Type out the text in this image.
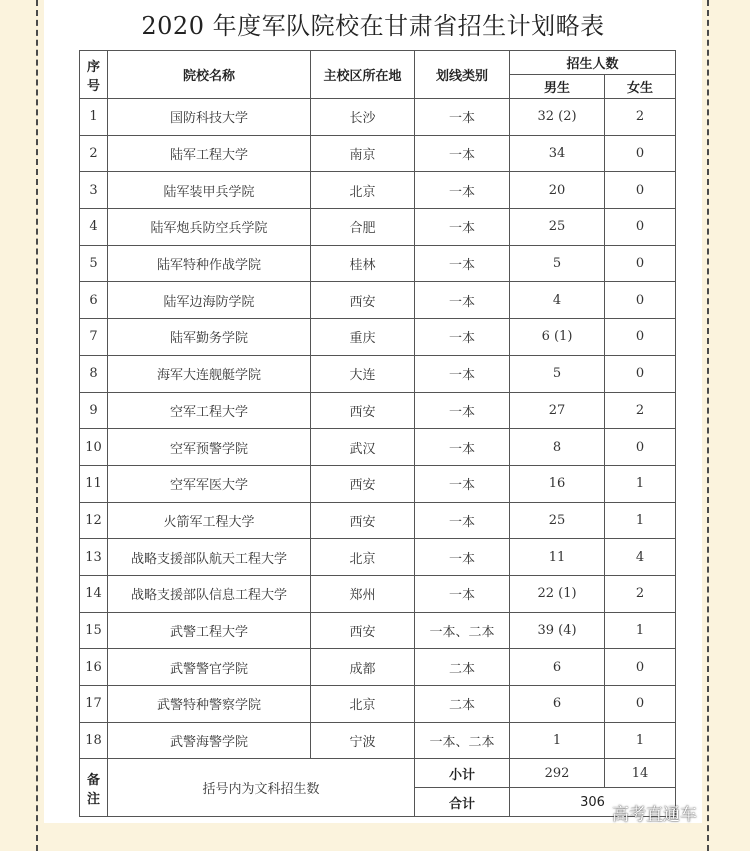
2020 年度军队院校在甘肃省招生计划略表
序
号	院校名称	主校区所在地	划线类别	招生人数	
				男生	女生
1	国防科技大学	长沙	一本	32 (2)	2
2	陆军工程大学	南京	一本	34	0
3	陆军装甲兵学院	北京	一本	20	0
4	陆军炮兵防空兵学院	合肥	一本	25	0
5	陆军特种作战学院	桂林	一本	5	0
6	陆军边海防学院	西安	一本	4	0
7	陆军勤务学院	重庆	一本	6 (1)	0
8	海军大连舰艇学院	大连	一本	5	0
9	空军工程大学	西安	一本	27	2
10	空军预警学院	武汉	一本	8	0
11	空军军医大学	西安	一本	16	1
12	火箭军工程大学	西安	一本	25	1
13	战略支援部队航天工程大学	北京	一本	11	4
14	战略支援部队信息工程大学	郑州	一本	22 (1)	2
15	武警工程大学	西安	一本、二本	39 (4)	1
16	武警警官学院	成都	二本	6	0
17	武警特种警察学院	北京	二本	6	0
18	武警海警学院	宁波	一本、二本	1	1

备
注	括号内为文科招生数		小计	292	14
			合计	306	
高考直通车
